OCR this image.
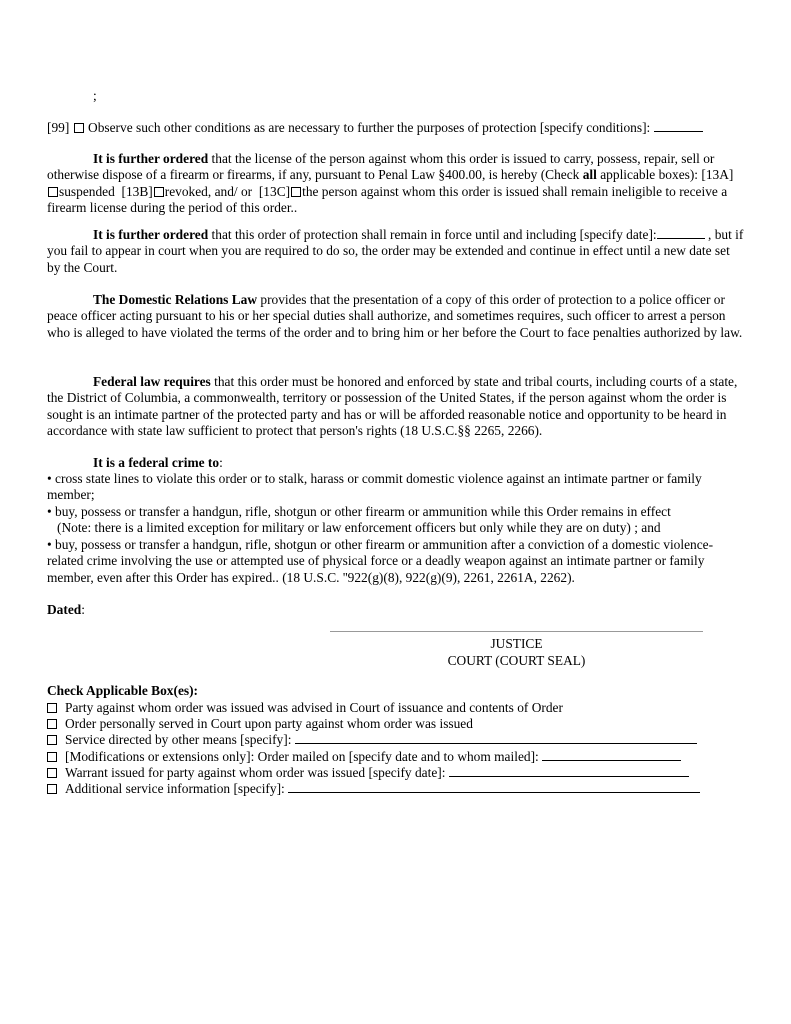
;
[99] Observe such other conditions as are necessary to further the purposes of protection [specify conditions]:

It is further ordered that the license of the person against whom this order is issued to carry, possess, repair, sell or otherwise dispose of a firearm or firearms, if any, pursuant to Penal Law §400.00, is hereby (Check all applicable boxes): [13A]suspended [13B] revoked, and/ or [13C] the person against whom this order is issued shall remain ineligible to receive a firearm license during the period of this order..

It is further ordered that this order of protection shall remain in force until and including [specify date]:	, but if you fail to appear in court when you are required to do so, the order may be extended and continue in effect until a new date set by the Court.

The Domestic Relations Law provides that the presentation of a copy of this order of protection to a police officer or peace officer acting pursuant to his or her special duties shall authorize, and sometimes requires, such officer to arrest a person who is alleged to have violated the terms of the order and to bring him or her before the Court to face penalties authorized by law.

Federal law requires that this order must be honored and enforced by state and tribal courts, including courts of a state, the District of Columbia, a commonwealth, territory or possession of the United States, if the person against whom the order is sought is an intimate partner of the protected party and has or will be afforded reasonable notice and opportunity to be heard in accordance with state law sufficient to protect that person's rights (18 U.S.C.§§ 2265, 2266).

It is a federal crime to:
• cross state lines to violate this order or to stalk, harass or commit domestic violence against an intimate partner or family member;
• buy, possess or transfer a handgun, rifle, shotgun or other firearm or ammunition while this Order remains in effect
(Note: there is a limited exception for military or law enforcement officers but only while they are on duty) ; and
• buy, possess or transfer a handgun, rifle, shotgun or other firearm or ammunition after a conviction of a domestic violence-related crime involving the use or attempted use of physical force or a deadly weapon against an intimate partner or family member, even after this Order has expired.. (18 U.S.C. ''922(g)(8), 922(g)(9), 2261, 2261A, 2262).
Dated:
JUSTICE
COURT (COURT SEAL)
Check Applicable Box(es):
Party against whom order was issued was advised in Court of issuance and contents of Order
Order personally served in Court upon party against whom order was issued
Service directed by other means [specify]:
[Modifications or extensions only]: Order mailed on [specify date and to whom mailed]:
Warrant issued for party against whom order was issued [specify date]:
Additional service information [specify]:
